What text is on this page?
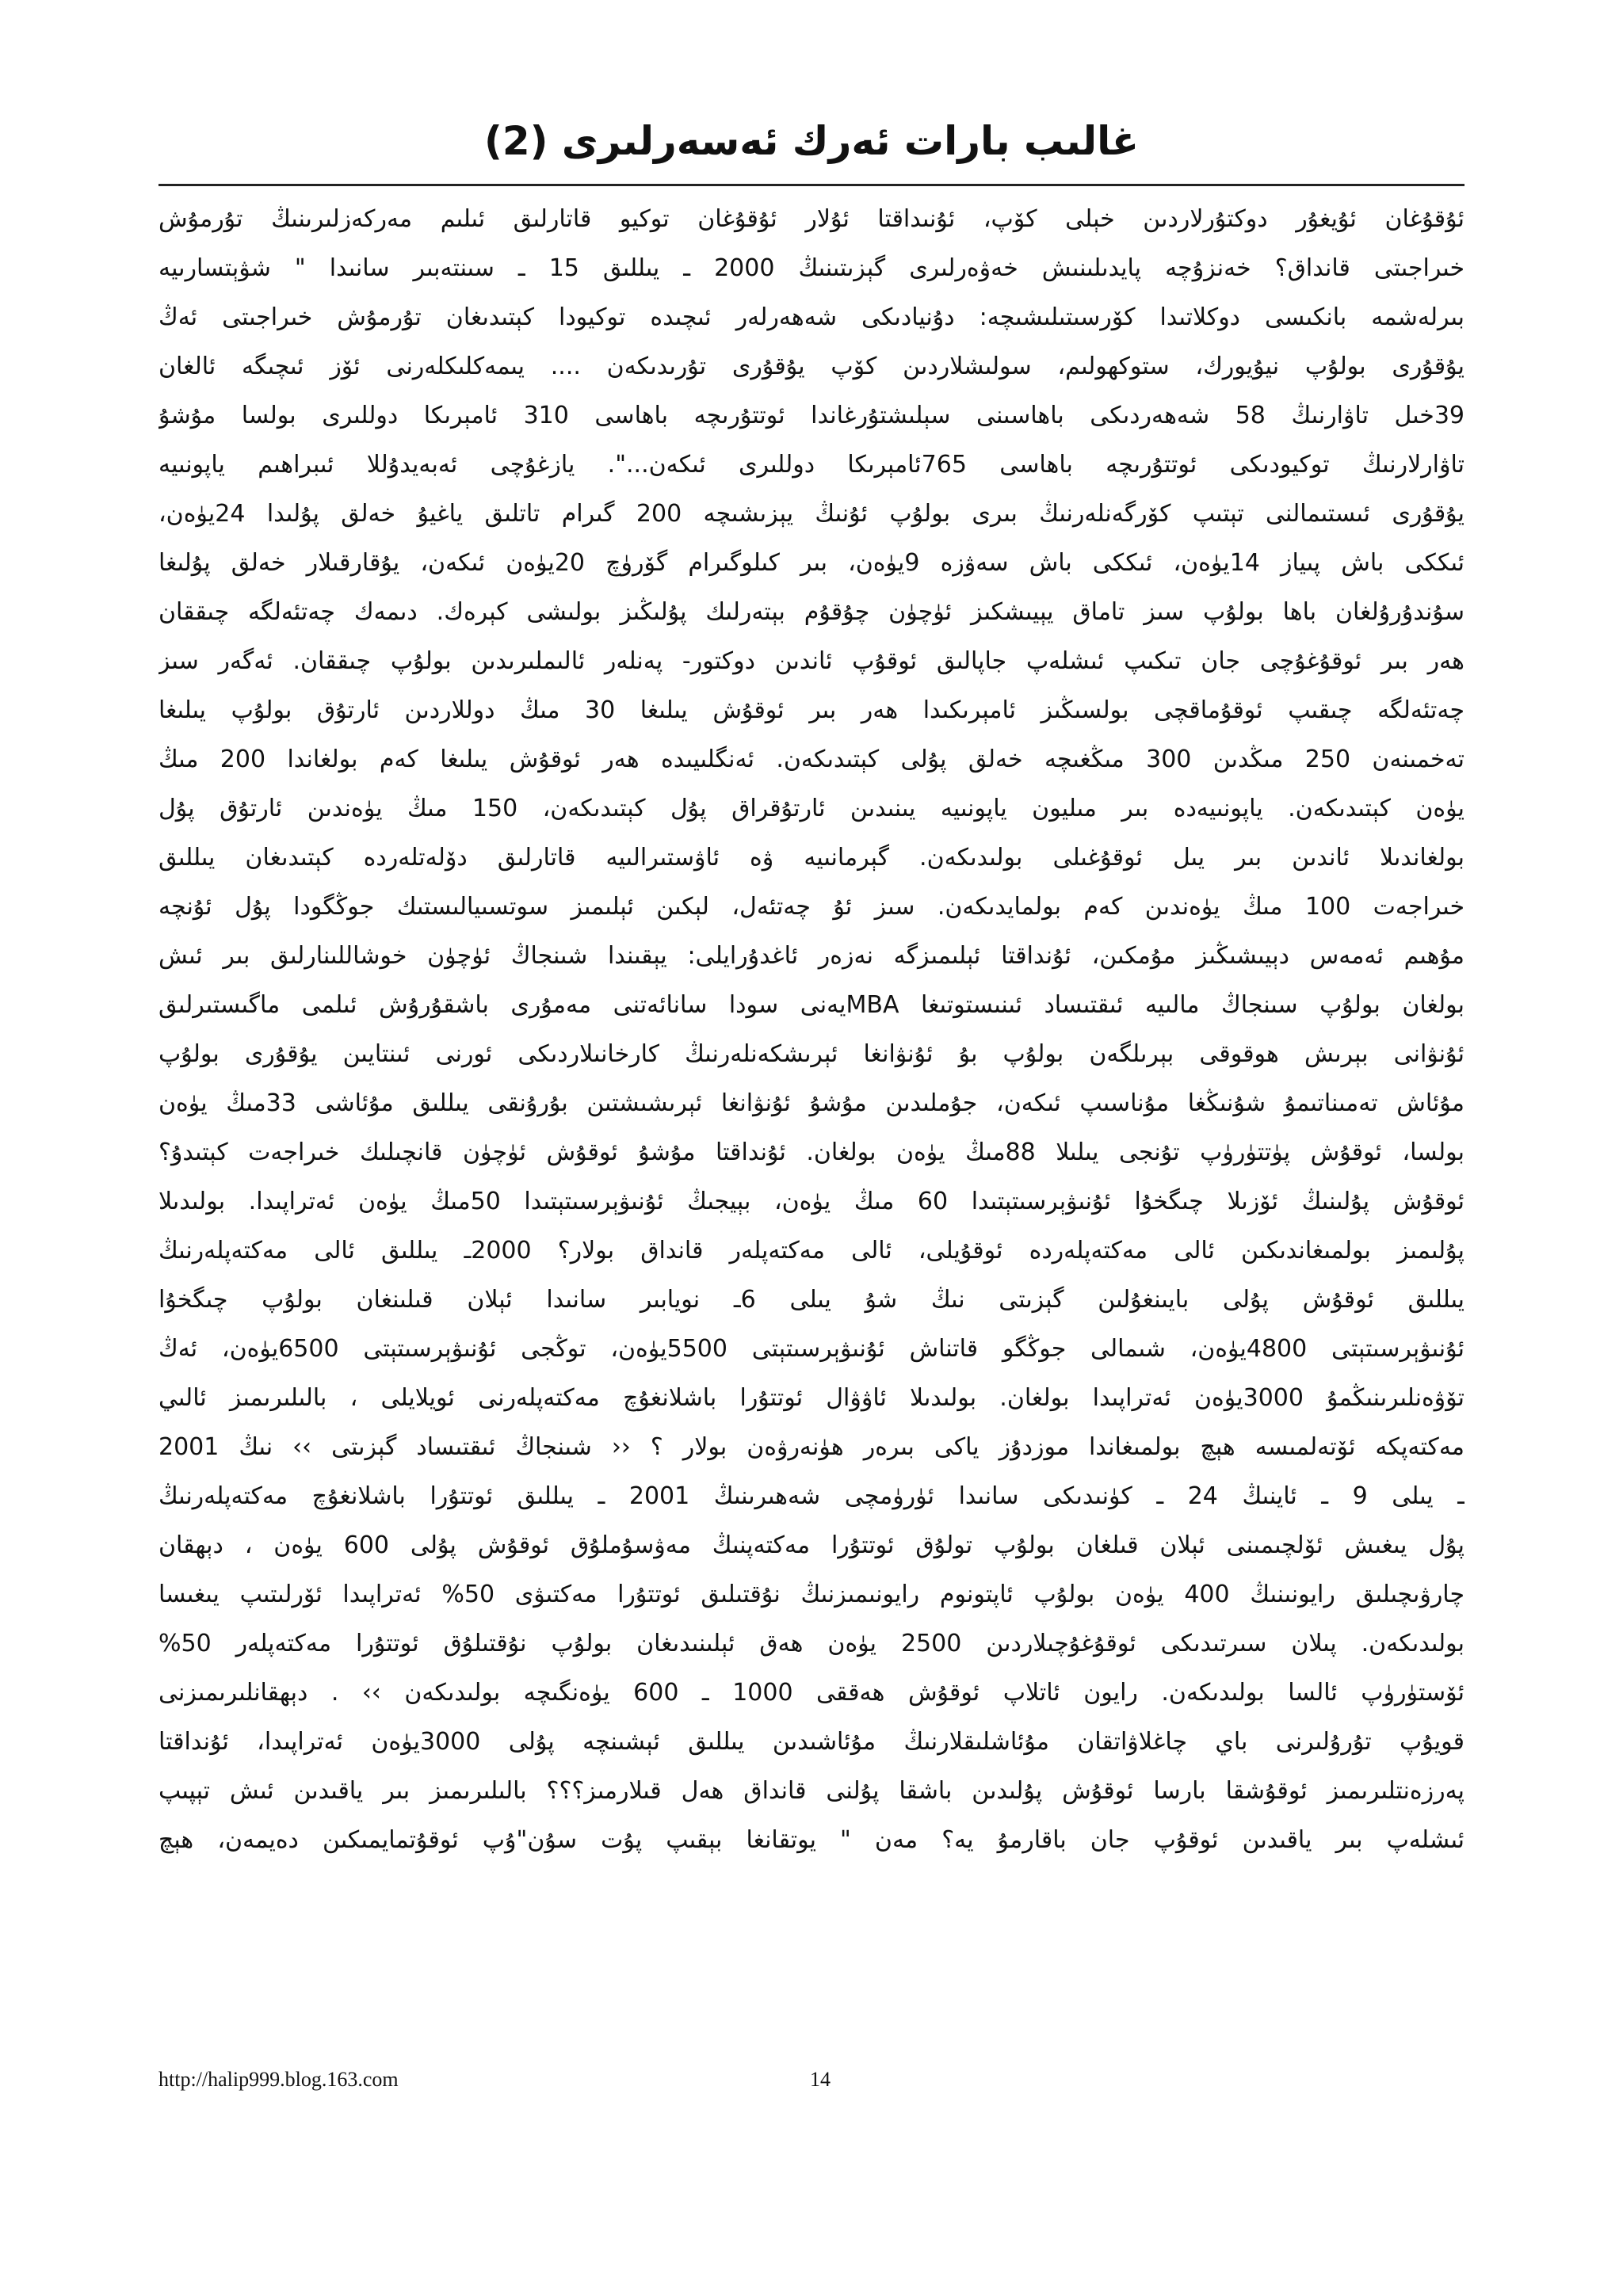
غالىب بارات ئەرك ئەسەرلىرى (2)
ئۇقۇغان ئۇيغۇر دوكتۇرلاردىن خېلى كۆپ، ئۇنىداقتا ئۇلار ئۇقۇغان توكيو قاتارلىق ئىلىم مەركەزلىرىنىڭ تۇرمۇش
خىراجىتى قانداق؟ خەنزۇچە پايدىلىنىش خەۋەرلىرى گېزىتىنىڭ 2000 ـ يىللىق 15 ـ سىنتەبىر سانىدا " شۋېتسارىيە
بىرلەشمە بانكىسى دوكلاتىدا كۆرسىتىلىشىچە: دۇنيادىكى شەھەرلەر ئىچىدە توكيودا كېتىدىغان تۇرمۇش خىراجىتى ئەڭ
يۇقۇرى بولۇپ نيۇيورك، ستوكھولىم، سولىشلاردىن كۆپ يۇقۇرى تۇرىدىكەن .... يىمەكلىكلەرنى ئۆز ئىچىگە ئالغان
39خىل تاۋارنىڭ 58 شەھەردىكى باھاسىنى سېلىشتۇرغاندا ئوتتۇرىچە باھاسى 310 ئامېرىكا دوللىرى بولسا مۇشۇ
تاۋارلارنىڭ توكيودىكى ئوتتۇرىچە باھاسى 765ئامېرىكا دوللىرى ئىكەن...". يازغۇچى ئەبەيدۇللا ئىبراھىم ياپونىيە
يۇقۇرى ئىستىمالنى تېتىپ كۆرگەنلەرنىڭ بىرى بولۇپ ئۇنىڭ يېزىشىچە 200 گىرام تاتلىق ياغيۇ خەلق پۇلىدا 24يۈەن،
ئىككى باش پىياز 14يۈەن، ئىككى باش سەۋزە 9يۈەن، بىر كىلوگىرام گۆرۈچ 20يۈەن ئىكەن، يۇقارقىلار خەلق پۇلىغا
سۇندۇرۇلغان باھا بولۇپ سىز تاماق يېيىشكىز ئۈچۈن چۇقۇم بېتەرلىك پۇلىڭىز بولىشى كېرەك. دىمەك چەتئەلگە چىققان
ھەر بىر ئوقۇغۇچى جان تىكىپ ئىشلەپ جاپالىق ئوقۇپ ئاندىن دوكتور- پەنلەر ئالىملىرىدىن بولۇپ چىققان. ئەگەر سىز
چەتئەلگە چىقىپ ئوقۇماقچى بولسىڭىز ئامېرىكىدا ھەر بىر ئوقۇش يىلىغا 30 مىڭ دوللاردىن ئارتۇق بولۇپ يىلىغا
تەخمىنەن 250 مىڭدىن 300 مىڭغىچە خەلق پۇلى كېتىدىكەن. ئەنگلىيىدە ھەر ئوقۇش يىلىغا كەم بولغاندا 200 مىڭ
يۈەن كېتىدىكەن. ياپونىيەدە بىر مىليون ياپونىيە يىنىدىن ئارتۇقراق پۇل كېتىدىكەن، 150 مىڭ يۈەندىن ئارتۇق پۇل
بولغاندىلا ئاندىن بىر يىل ئوقۇغىلى بولىدىكەن. گېرمانىيە ۋە ئاۋستىرالىيە قاتارلىق دۆلەتلەردە كېتىدىغان يىللىق
خىراجەت 100 مىڭ يۈەندىن كەم بولمايدىكەن. سىز ئۇ چەتئەل، لېكىن ئېلىمىز سوتسىيالىستىك جوڭگودا پۇل ئۇنچە
مۇھىم ئەمەس دېيىشىڭىز مۇمكىن، ئۇنداقتا ئېلىمىزگە نەزەر ئاغدۇرايلى: يېقىندا شىنجاڭ ئۈچۈن خوشاللىنارلىق بىر ئىش
بولغان بولۇپ سىنجاڭ مالىيە ئىقتىساد ئىنىستوتىغا MBAيەنى سودا سانائەتنى مەمۇرى باشقۇرۇش ئىلمى ماگىستىرلىق
ئۇنۋانى بېرىش ھوقوقى بېرىلگەن بولۇپ بۇ ئۇنۋانغا ئېرىشكەنلەرنىڭ كارخانىلاردىكى ئورنى ئىنتايىن يۇقۇرى بولۇپ
مۇئاش تەمىناتىمۇ شۇنىڭغا مۇناسىپ ئىكەن، جۇملىدىن مۇشۇ ئۇنۋانغا ئېرىشىشتىن بۇرۇنقى يىللىق مۇئاشى 33مىڭ يۈەن
بولسا، ئوقۇش پۈتتۈرۈپ تۇنجى يىلىلا 88مىڭ يۈەن بولغان. ئۇنداقتا مۇشۇ ئوقۇش ئۈچۈن قانچىلىك خىراجەت كېتىدۇ؟
ئوقۇش پۇلىنىڭ ئۆزىلا چىگخۇا ئۇنىۋېرسىتېتىدا 60 مىڭ يۈەن، بېيجىڭ ئۇنىۋېرسىتېتىدا 50مىڭ يۈەن ئەتراپىدا. بولىدىلا
پۇلىمىز بولمىغاندىكىن ئالى مەكتەپلەردە ئوقۇيلى، ئالى مەكتەپلەر قانداق بولار؟ 2000ـ يىللىق ئالى مەكتەپلەرنىڭ
يىللىق ئوقۇش پۇلى بايىنغۇلىن گېزىتى نىڭ شۇ يىلى 6ـ نويابىر سانىدا ئېلان قىلىنغان بولۇپ چىگخۇا
ئۇنىۋېرسىتېتى 4800يۈەن، شىمالى جوڭگو قاتناش ئۇنىۋېرسىتېتى 5500يۈەن، توڭجى ئۇنىۋېرسىتېتى 6500يۈەن، ئەڭ
تۆۋەنلىرىنىڭمۇ 3000يۈەن ئەتراپىدا بولغان. بولىدىلا ئاۋۋال ئوتتۇرا باشلانغۇچ مەكتەپلەرنى ئويلايلى ، بالىلىرىمىز ئالىي
مەكتەپكە ئۆتەلمىسە ھېچ بولمىغاندا موزدۇز ياكى بىرەر ھۈنەرۋەن بولار ؟ ‹‹ شىنجاڭ ئىقتىساد گېزىتى ›› نىڭ 2001
ـ يىلى 9 ـ ئاينىڭ 24 ـ كۈنىدىكى سانىدا ئۈرۈمچى شەھىرىنىڭ 2001 ـ يىللىق ئوتتۇرا باشلانغۇچ مەكتەپلەرنىڭ
پۇل يىغىش ئۆلچىمىنى ئېلان قىلغان بولۇپ تولۇق ئوتتۇرا مەكتەپنىڭ مەۋسۇملۇق ئوقۇش پۇلى 600 يۈەن ، دېھقان
چارۋىچىلىق رايونىنىڭ 400 يۈەن بولۇپ ئاپتونوم رايونىمىزنىڭ نۇقتىلىق ئوتتۇرا مەكتىۋى 50% ئەتراپىدا ئۆرلىتىپ يىغىسا
بولىدىكەن. پىلان سىرتىدىكى ئوقۇغۇچىلاردىن 2500 يۈەن ھەق ئېلىنىدىغان بولۇپ نۇقتىلۇق ئوتتۇرا مەكتەپلەر 50%
ئۆستۈرۈپ ئالسا بولىدىكەن. رايون ئاتلاپ ئوقۇش ھەققى 1000 ـ 600 يۈەنگىچە بولىدىكەن ›› . دېھقانلىرىمىزنى
قويۇپ تۇرۇلىرنى باي چاغلاۋاتقان مۇئاشلىقلارنىڭ مۇئاشىدىن يىللىق ئېشىنچە پۇلى 3000يۈەن ئەتراپىدا، ئۇنداقتا
پەرزەنتلىرىمىز ئوقۇشقا بارسا ئوقۇش پۇلىدىن باشقا پۇلنى قانداق ھەل قىلارمىز؟؟؟ بالىلىرىمىز بىر ياقىدىن ئىش تېپىپ
ئىشلەپ بىر ياقىدىن ئوقۇپ جان باقارمۇ يە؟ مەن " يوتقانغا بېقىپ پۇت سۇن"ۇپ ئوقۇتمايمىكىن دەيمەن، ھېچ
http://halip999.blog.163.com	14
